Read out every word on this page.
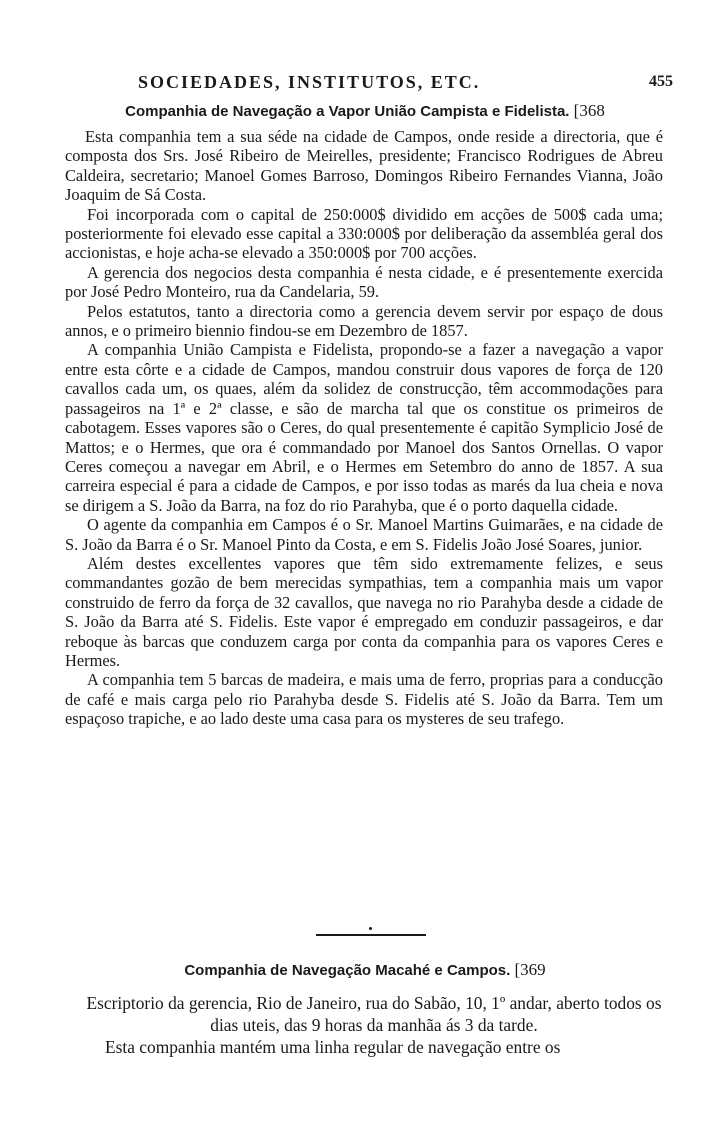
SOCIEDADES, INSTITUTOS, ETC.	455
Companhia de Navegação a Vapor União Campista e Fidelista. [368

Esta companhia tem a sua séde na cidade de Campos, onde reside a directoria, que é composta dos Srs. José Ribeiro de Meirelles, presidente; Francisco Rodrigues de Abreu Caldeira, secretario; Manoel Gomes Barroso, Domingos Ribeiro Fernandes Vianna, João Joaquim de Sá Costa.

Foi incorporada com o capital de 250:000$ dividido em acções de 500$ cada uma; posteriormente foi elevado esse capital a 330:000$ por deliberação da assembléa geral dos accionistas, e hoje acha-se elevado a 350:000$ por 700 acções.

A gerencia dos negocios desta companhia é nesta cidade, e é presentemente exercida por José Pedro Monteiro, rua da Candelaria, 59.

Pelos estatutos, tanto a directoria como a gerencia devem servir por espaço de dous annos, e o primeiro biennio findou-se em Dezembro de 1857.

A companhia União Campista e Fidelista, propondo-se a fazer a navegação a vapor entre esta côrte e a cidade de Campos, mandou construir dous vapores de força de 120 cavallos cada um, os quaes, além da solidez de construcção, têm accommodações para passageiros na 1ª e 2ª classe, e são de marcha tal que os constitue os primeiros de cabotagem. Esses vapores são o Ceres, do qual presentemente é capitão Symplicio José de Mattos; e o Hermes, que ora é commandado por Manoel dos Santos Ornellas. O vapor Ceres começou a navegar em Abril, e o Hermes em Setembro do anno de 1857. A sua carreira especial é para a cidade de Campos, e por isso todas as marés da lua cheia e nova se dirigem a S. João da Barra, na foz do rio Parahyba, que é o porto daquella cidade.

O agente da companhia em Campos é o Sr. Manoel Martins Guimarães, e na cidade de S. João da Barra é o Sr. Manoel Pinto da Costa, e em S. Fidelis João José Soares, junior.

Além destes excellentes vapores que têm sido extremamente felizes, e seus commandantes gozão de bem merecidas sympathias, tem a companhia mais um vapor construido de ferro da força de 32 cavallos, que navega no rio Parahyba desde a cidade de S. João da Barra até S. Fidelis. Este vapor é empregado em conduzir passageiros, e dar reboque às barcas que conduzem carga por conta da companhia para os vapores Ceres e Hermes.

A companhia tem 5 barcas de madeira, e mais uma de ferro, proprias para a conducção de café e mais carga pelo rio Parahyba desde S. Fidelis até S. João da Barra. Tem um espaçoso trapiche, e ao lado deste uma casa para os mysteres de seu trafego.

Companhia de Navegação Macahé e Campos. [369

Escriptorio da gerencia, Rio de Janeiro, rua do Sabão, 10, 1º andar, aberto todos os dias uteis, das 9 horas da manhãa ás 3 da tarde.

Esta companhia mantém uma linha regular de navegação entre os
